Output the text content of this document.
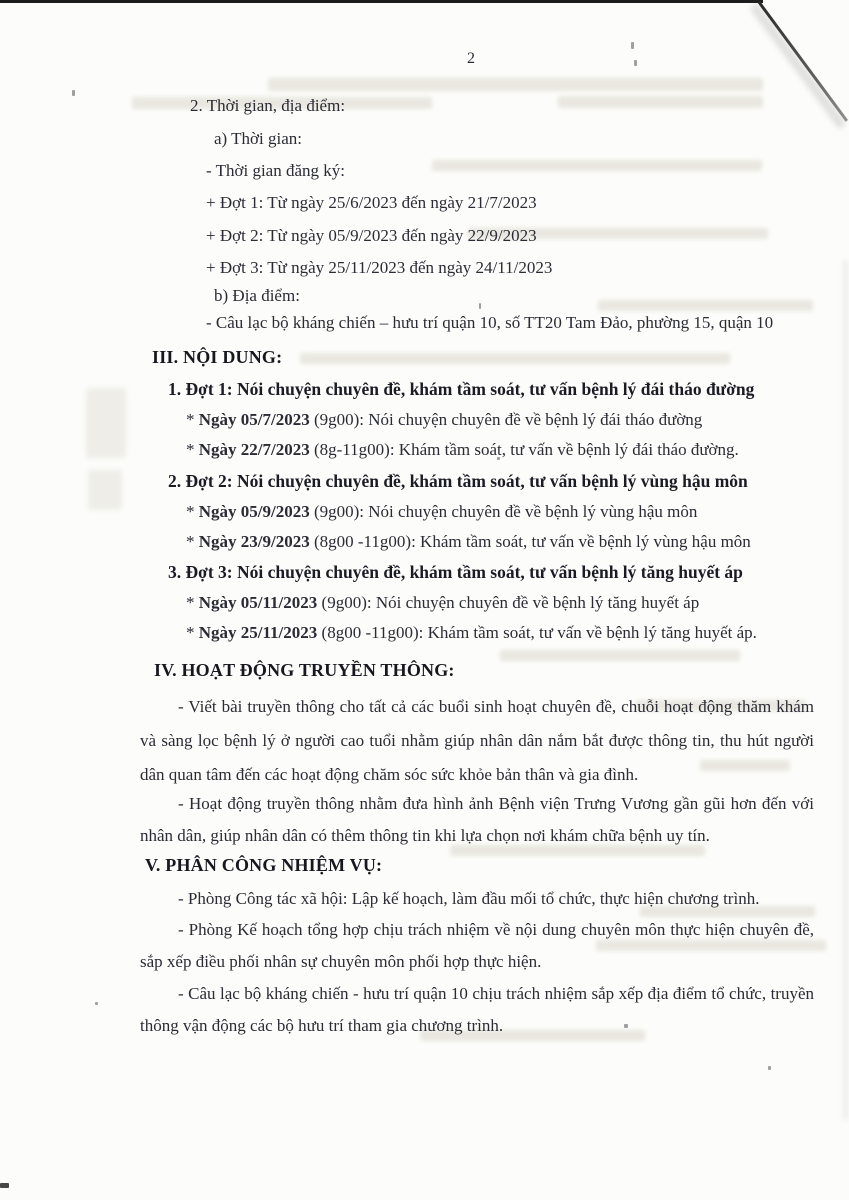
2
2. Thời gian, địa điểm:
a) Thời gian:
- Thời gian đăng ký:
+ Đợt 1: Từ ngày 25/6/2023 đến ngày 21/7/2023
+ Đợt 2: Từ ngày 05/9/2023 đến ngày 22/9/2023
+ Đợt 3: Từ ngày 25/11/2023 đến ngày 24/11/2023
b) Địa điểm:
- Câu lạc bộ kháng chiến – hưu trí quận 10, số TT20 Tam Đảo, phường 15, quận 10
III. NỘI DUNG:
1. Đợt 1: Nói chuyện chuyên đề, khám tầm soát, tư vấn bệnh lý đái tháo đường
* Ngày 05/7/2023 (9g00): Nói chuyện chuyên đề về bệnh lý đái tháo đường
* Ngày 22/7/2023 (8g-11g00): Khám tầm soát, tư vấn về bệnh lý đái tháo đường.
2. Đợt 2: Nói chuyện chuyên đề, khám tầm soát, tư vấn bệnh lý vùng hậu môn
* Ngày 05/9/2023 (9g00): Nói chuyện chuyên đề về bệnh lý vùng hậu môn
* Ngày 23/9/2023 (8g00 -11g00): Khám tầm soát, tư vấn về bệnh lý vùng hậu môn
3. Đợt 3: Nói chuyện chuyên đề, khám tầm soát, tư vấn bệnh lý tăng huyết áp
* Ngày 05/11/2023 (9g00): Nói chuyện chuyên đề về bệnh lý tăng huyết áp
* Ngày 25/11/2023 (8g00 -11g00): Khám tầm soát, tư vấn về bệnh lý tăng huyết áp.
IV. HOẠT ĐỘNG TRUYỀN THÔNG:
- Viết bài truyền thông cho tất cả các buổi sinh hoạt chuyên đề, chuỗi hoạt động thăm khám và sàng lọc bệnh lý ở người cao tuổi nhằm giúp nhân dân nắm bắt được thông tin, thu hút người dân quan tâm đến các hoạt động chăm sóc sức khỏe bản thân và gia đình.
- Hoạt động truyền thông nhằm đưa hình ảnh Bệnh viện Trưng Vương gần gũi hơn đến với nhân dân, giúp nhân dân có thêm thông tin khi lựa chọn nơi khám chữa bệnh uy tín.
V. PHÂN CÔNG NHIỆM VỤ:
- Phòng Công tác xã hội: Lập kế hoạch, làm đầu mối tổ chức, thực hiện chương trình.
- Phòng Kế hoạch tổng hợp chịu trách nhiệm về nội dung chuyên môn thực hiện chuyên đề, sắp xếp điều phối nhân sự chuyên môn phối hợp thực hiện.
- Câu lạc bộ kháng chiến - hưu trí quận 10 chịu trách nhiệm sắp xếp địa điểm tổ chức, truyền thông vận động các bộ hưu trí tham gia chương trình.
